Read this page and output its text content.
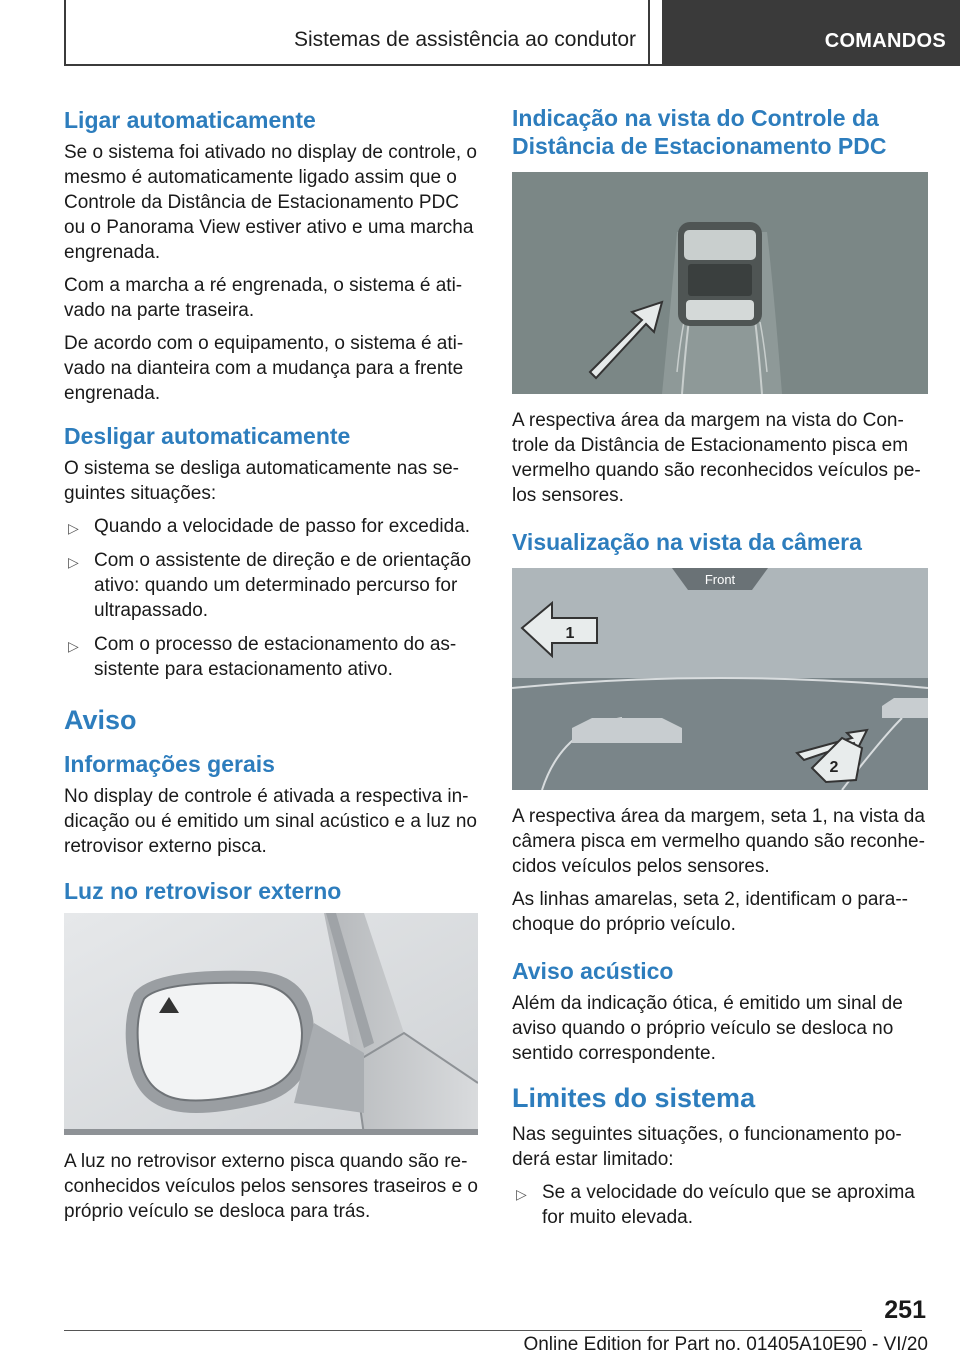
Sistemas de assistência ao condutor	COMANDOS
Ligar automaticamente

Se o sistema foi ativado no display de controle, o mesmo é automaticamente ligado assim que o Controle da Distância de Estacionamento PDC ou o Panorama View estiver ativo e uma marcha engrenada.

Com a marcha a ré engrenada, o sistema é ati-vado na parte traseira.

De acordo com o equipamento, o sistema é ati-vado na dianteira com a mudança para a frente engrenada.

Desligar automaticamente

O sistema se desliga automaticamente nas se-guintes situações:

▷ Quando a velocidade de passo for excedida.
▷ Com o assistente de direção e de orientação ativo: quando um determinado percurso for ultrapassado.
▷ Com o processo de estacionamento do as-sistente para estacionamento ativo.
Aviso
Informações gerais

No display de controle é ativada a respectiva in-dicação ou é emitido um sinal acústico e a luz no retrovisor externo pisca.

Luz no retrovisor externo

A luz no retrovisor externo pisca quando são re-conhecidos veículos pelos sensores traseiros e o próprio veículo se desloca para trás.

Indicação na vista do Controle da Distância de Estacionamento PDC

A respectiva área da margem na vista do Con-trole da Distância de Estacionamento pisca em vermelho quando são reconhecidos veículos pe-los sensores.

Visualização na vista da câmera
Front
1
2

A respectiva área da margem, seta 1, na vista da câmera pisca em vermelho quando são reconhe-cidos veículos pelos sensores.

As linhas amarelas, seta 2, identificam o para--choque do próprio veículo.

Aviso acústico

Além da indicação ótica, é emitido um sinal de aviso quando o próprio veículo se desloca no sentido correspondente.

Limites do sistema

Nas seguintes situações, o funcionamento po-derá estar limitado:

▷ Se a velocidade do veículo que se aproxima for muito elevada.
251
Online Edition for Part no. 01405A10E90 - VI/20
